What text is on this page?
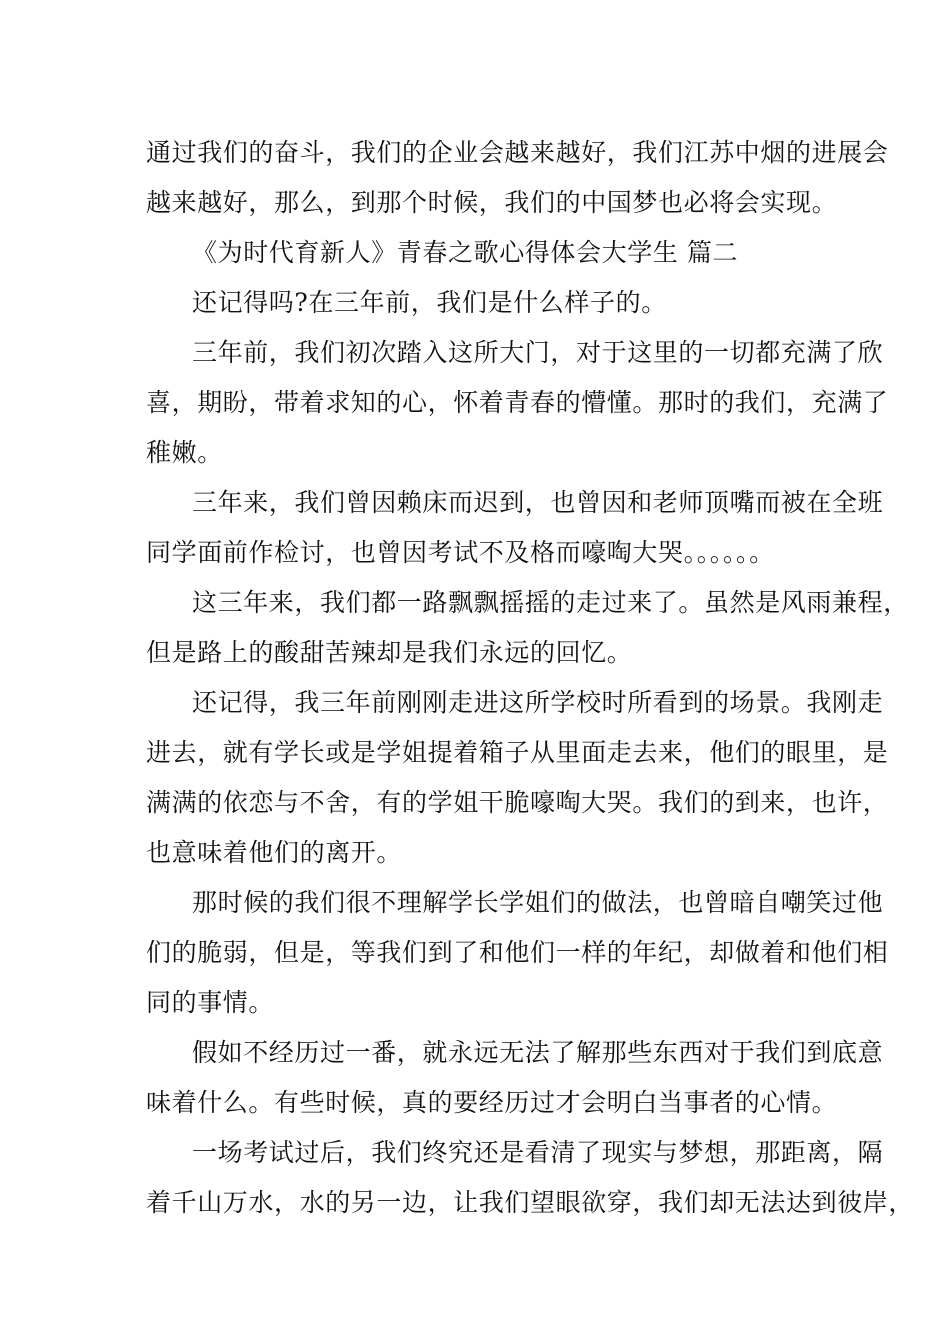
通过我们的奋斗，我们的企业会越来越好，我们江苏中烟的进展会
越来越好，那么，到那个时候，我们的中国梦也必将会实现。
《为时代育新人》青春之歌心得体会大学生 篇二
还记得吗?在三年前，我们是什么样子的。
三年前，我们初次踏入这所大门，对于这里的一切都充满了欣
喜，期盼，带着求知的心，怀着青春的懵懂。那时的我们，充满了
稚嫩。
三年来，我们曾因赖床而迟到，也曾因和老师顶嘴而被在全班
同学面前作检讨，也曾因考试不及格而嚎啕大哭。。。。。。
这三年来，我们都一路飘飘摇摇的走过来了。虽然是风雨兼程，
但是路上的酸甜苦辣却是我们永远的回忆。
还记得，我三年前刚刚走进这所学校时所看到的场景。我刚走
进去，就有学长或是学姐提着箱子从里面走去来，他们的眼里，是
满满的依恋与不舍，有的学姐干脆嚎啕大哭。我们的到来，也许，
也意味着他们的离开。
那时候的我们很不理解学长学姐们的做法，也曾暗自嘲笑过他
们的脆弱，但是，等我们到了和他们一样的年纪，却做着和他们相
同的事情。
假如不经历过一番，就永远无法了解那些东西对于我们到底意
味着什么。有些时候，真的要经历过才会明白当事者的心情。
一场考试过后，我们终究还是看清了现实与梦想，那距离，隔
着千山万水，水的另一边，让我们望眼欲穿，我们却无法达到彼岸，
